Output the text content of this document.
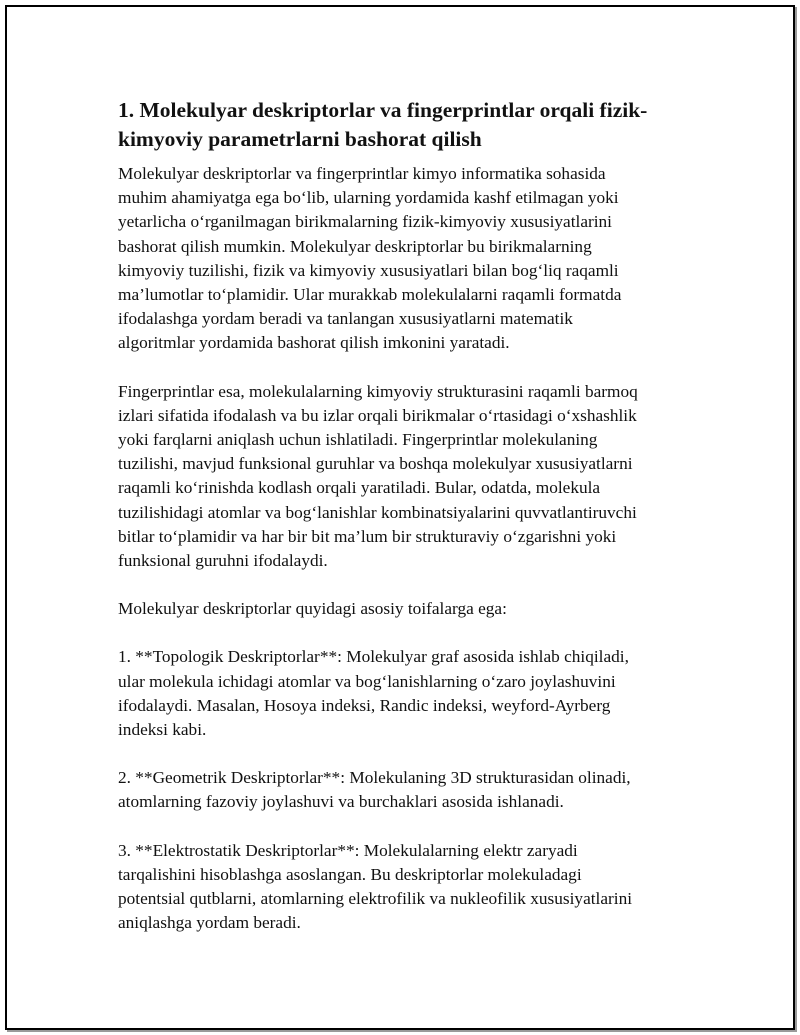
1. Molekulyar deskriptorlar va fingerprintlar orqali fizik-
kimyoviy parametrlarni bashorat qilish

Molekulyar deskriptorlar va fingerprintlar kimyo informatika sohasida
muhim ahamiyatga ega bo‘lib, ularning yordamida kashf etilmagan yoki
yetarlicha o‘rganilmagan birikmalarning fizik-kimyoviy xususiyatlarini
bashorat qilish mumkin. Molekulyar deskriptorlar bu birikmalarning
kimyoviy tuzilishi, fizik va kimyoviy xususiyatlari bilan bog‘liq raqamli
ma’lumotlar to‘plamidir. Ular murakkab molekulalarni raqamli formatda
ifodalashga yordam beradi va tanlangan xususiyatlarni matematik
algoritmlar yordamida bashorat qilish imkonini yaratadi.

Fingerprintlar esa, molekulalarning kimyoviy strukturasini raqamli barmoq
izlari sifatida ifodalash va bu izlar orqali birikmalar o‘rtasidagi o‘xshashlik
yoki farqlarni aniqlash uchun ishlatiladi. Fingerprintlar molekulaning
tuzilishi, mavjud funksional guruhlar va boshqa molekulyar xususiyatlarni
raqamli ko‘rinishda kodlash orqali yaratiladi. Bular, odatda, molekula
tuzilishidagi atomlar va bog‘lanishlar kombinatsiyalarini quvvatlantiruvchi
bitlar to‘plamidir va har bir bit ma’lum bir strukturaviy o‘zgarishni yoki
funksional guruhni ifodalaydi.

Molekulyar deskriptorlar quyidagi asosiy toifalarga ega:

1. **Topologik Deskriptorlar**: Molekulyar graf asosida ishlab chiqiladi,
ular molekula ichidagi atomlar va bog‘lanishlarning o‘zaro joylashuvini
ifodalaydi. Masalan, Hosoya indeksi, Randic indeksi, weyford-Ayrberg
indeksi kabi.

2. **Geometrik Deskriptorlar**: Molekulaning 3D strukturasidan olinadi,
atomlarning fazoviy joylashuvi va burchaklari asosida ishlanadi.

3. **Elektrostatik Deskriptorlar**: Molekulalarning elektr zaryadi
tarqalishini hisoblashga asoslangan. Bu deskriptorlar molekuladagi
potentsial qutblarni, atomlarning elektrofilik va nukleofilik xususiyatlarini
aniqlashga yordam beradi.
